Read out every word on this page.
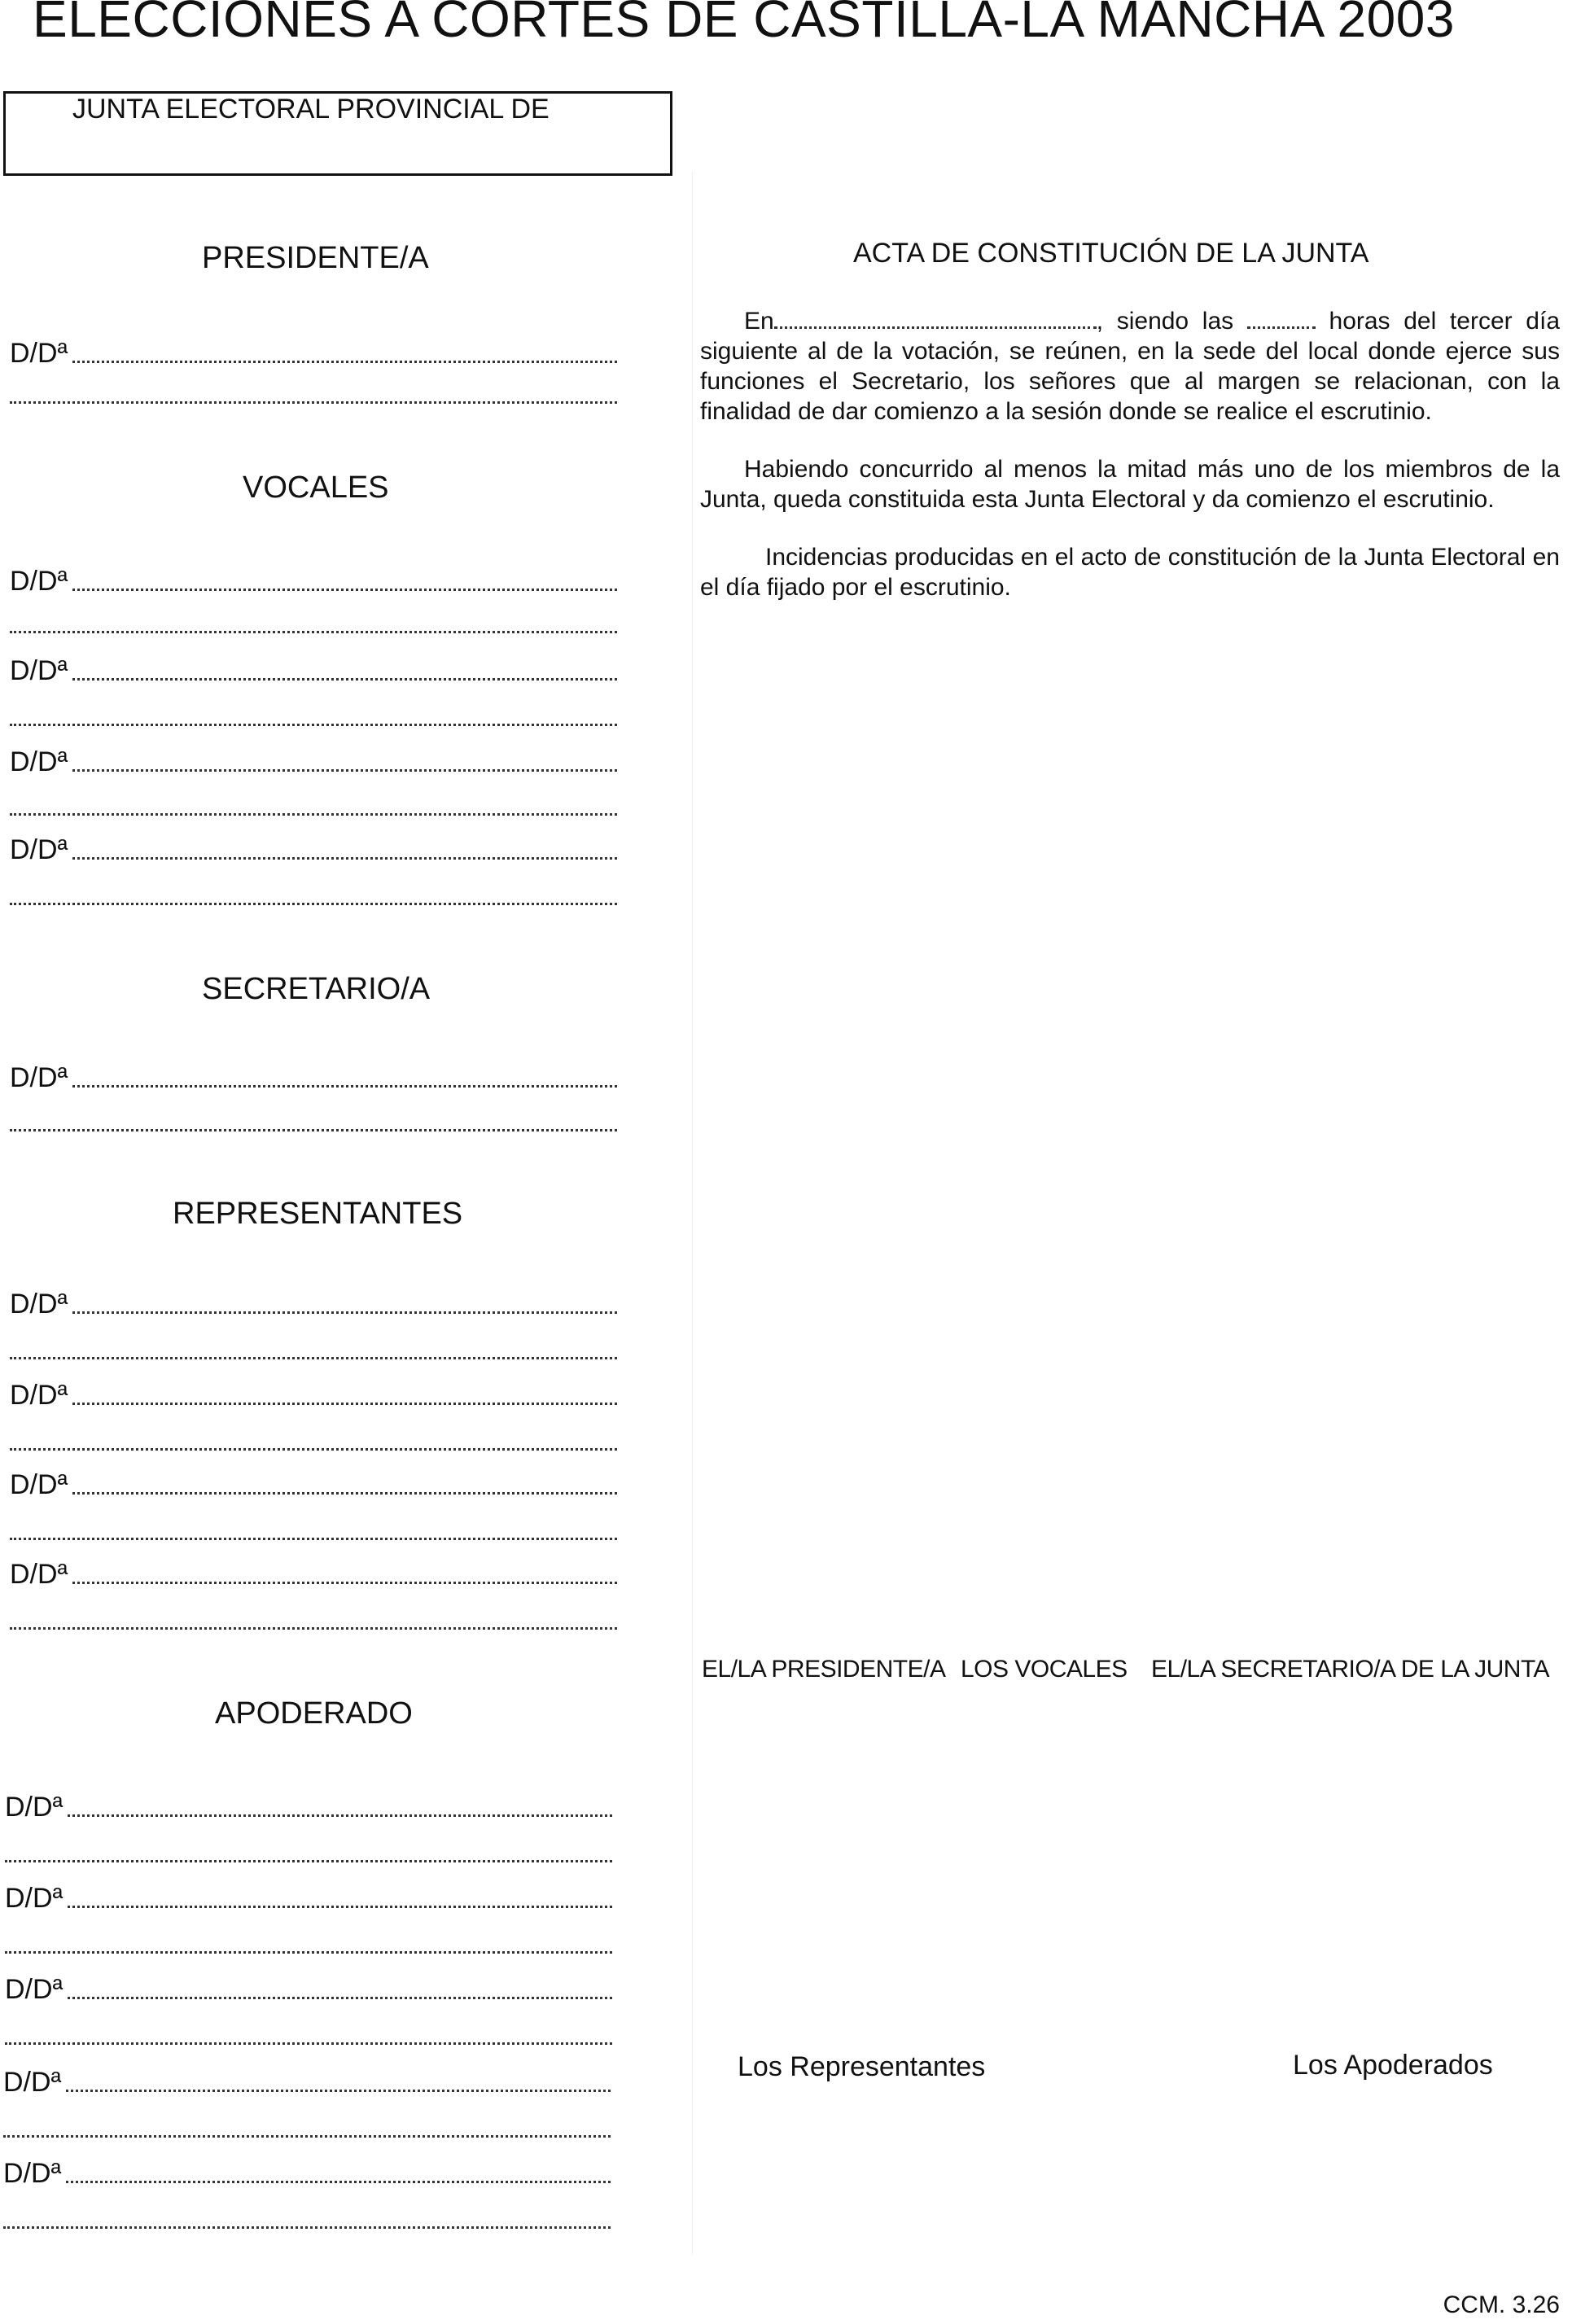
ELECCIONES A CORTES DE CASTILLA-LA MANCHA 2003
JUNTA ELECTORAL PROVINCIAL DE
PRESIDENTE/A
D/Dª
VOCALES
D/Dª
D/Dª
D/Dª
D/Dª
SECRETARIO/A
D/Dª
REPRESENTANTES
D/Dª
D/Dª
D/Dª
D/Dª
APODERADO
D/Dª
D/Dª
D/Dª
D/Dª
D/Dª
ACTA DE CONSTITUCIÓN DE LA JUNTA

En	, siendo las	horas del tercer día siguiente al de la votación, se reúnen, en la sede del local donde ejerce sus funciones el Secretario, los señores que al margen se relacionan, con la finalidad de dar comienzo a la sesión donde se realice el escrutinio.

Habiendo concurrido al menos la mitad más uno de los miembros de la Junta, queda constituida esta Junta Electoral y da comienzo el escrutinio.

Incidencias producidas en el acto de constitución de la Junta Electoral en el día fijado por el escrutinio.

EL/LA PRESIDENTE/A LOS VOCALES EL/LA SECRETARIO/A DE LA JUNTA
Los Representantes	Los Apoderados
CCM. 3.26
